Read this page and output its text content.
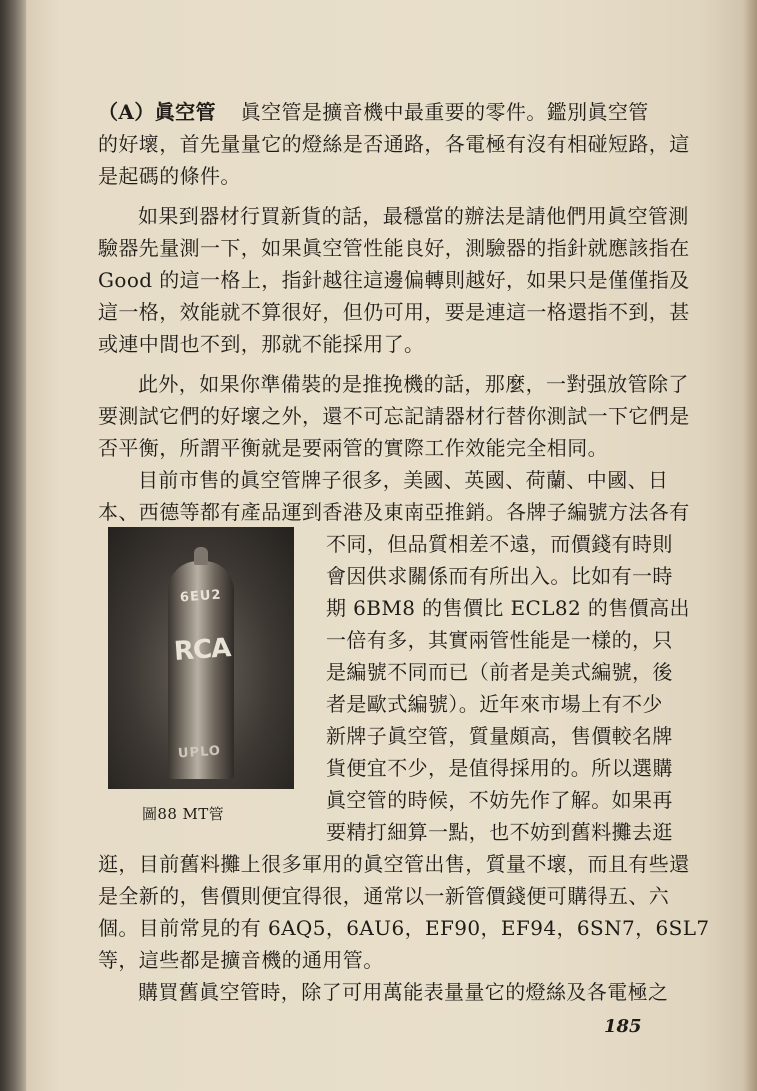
（A）眞空管 眞空管是擴音機中最重要的零件。鑑別眞空管
的好壞，首先量量它的燈絲是否通路，各電極有沒有相碰短路，這
是起碼的條件。
如果到器材行買新貨的話，最穩當的辦法是請他們用眞空管測
驗器先量測一下，如果眞空管性能良好，測驗器的指針就應該指在
Good 的這一格上，指針越往這邊偏轉則越好，如果只是僅僅指及
這一格，效能就不算很好，但仍可用，要是連這一格還指不到，甚
或連中間也不到，那就不能採用了。
此外，如果你準備裝的是推挽機的話，那麼，一對强放管除了
要測試它們的好壞之外，還不可忘記請器材行替你測試一下它們是
否平衡，所謂平衡就是要兩管的實際工作效能完全相同。
目前市售的眞空管牌子很多，美國、英國、荷蘭、中國、日
本、西德等都有產品運到香港及東南亞推銷。各牌子編號方法各有
6EU2
RCA
UPLO
圖88 MT管
不同，但品質相差不遠，而價錢有時則
會因供求關係而有所出入。比如有一時
期 6BM8 的售價比 ECL82 的售價高出
一倍有多，其實兩管性能是一樣的，只
是編號不同而已（前者是美式編號，後
者是歐式編號）。近年來市場上有不少
新牌子眞空管，質量頗高，售價較名牌
貨便宜不少，是值得採用的。所以選購
眞空管的時候，不妨先作了解。如果再
要精打細算一點，也不妨到舊料攤去逛
逛，目前舊料攤上很多軍用的眞空管出售，質量不壞，而且有些還
是全新的，售價則便宜得很，通常以一新管價錢便可購得五、六
個。目前常見的有 6AQ5，6AU6，EF90，EF94，6SN7，6SL7
等，這些都是擴音機的通用管。
購買舊眞空管時，除了可用萬能表量量它的燈絲及各電極之
185
